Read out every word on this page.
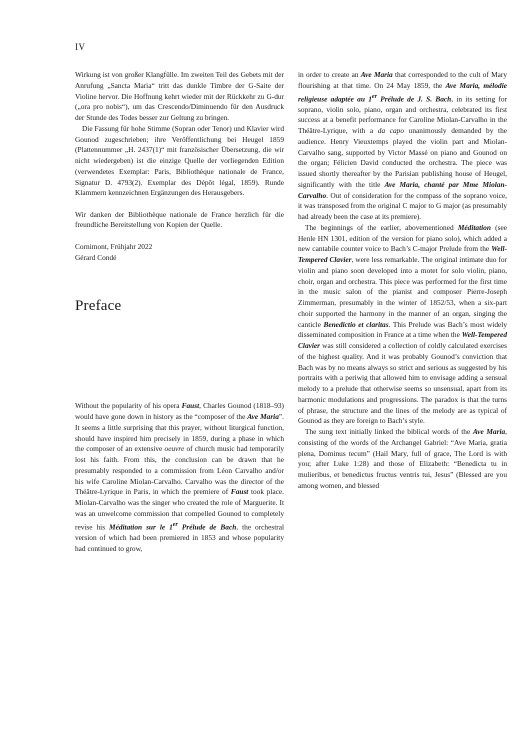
IV

Wirkung ist von großer Klangfülle. Im zweiten Teil des Gebets mit der Anrufung „Sancta Maria“ tritt das dunkle Timbre der G-Saite der Violine hervor. Die Hoffnung kehrt wieder mit der Rückkehr zu G-dur („ora pro nobis“), um das Crescendo/Diminuendo für den Ausdruck der Stunde des Todes besser zur Geltung zu bringen.

Die Fassung für hohe Stimme (Sopran oder Tenor) und Klavier wird Gounod zugeschrieben; ihre Veröffentlichung bei Heugel 1859 (Plattennummer „H. 2437(1)“ mit französischer Übersetzung, die wir nicht wiedergeben) ist die einzige Quelle der vorliegenden Edition (verwendetes Exemplar: Paris, Bibliothèque nationale de France, Signatur D. 4793(2). Exemplar des Dépôt légal, 1859). Runde Klammern kennzeichnen Ergänzungen des Herausgebers.

Wir danken der Bibliothèque nationale de France herzlich für die freundliche Bereitstellung von Kopien der Quelle.

Cornimont, Frühjahr 2022

Gérard Condé

Preface

Without the popularity of his opera Faust, Charles Gounod (1818–93) would have gone down in history as the “composer of the Ave Maria”. It seems a little surprising that this prayer, without liturgical function, should have inspired him precisely in 1859, during a phase in which the composer of an extensive oeuvre of church music had temporarily lost his faith. From this, the conclusion can be drawn that he presumably responded to a commission from Léon Carvalho and/or his wife Caroline Miolan-Carvalho. Carvalho was the director of the Théâtre-Lyrique in Paris, in which the premiere of Faust took place. Miolan-Carvalho was the singer who created the role of Marguerite. It was an unwelcome commission that compelled Gounod to completely revise his Méditation sur le 1er Prélude de Bach, the orchestral version of which had been premiered in 1853 and whose popularity had continued to grow,

in order to create an Ave Maria that corresponded to the cult of Mary flourishing at that time. On 24 May 1859, the Ave Maria, mélodie religieuse adaptée au 1er Prélude de J. S. Bach, in its setting for soprano, violin solo, piano, organ and orchestra, celebrated its first success at a benefit performance for Caroline Miolan-Carvalho in the Théâtre-Lyrique, with a da capo unanimously demanded by the audience. Henry Vieuxtemps played the violin part and Miolan-Carvalho sang, supported by Victor Massé on piano and Gounod on the organ; Félicien David conducted the orchestra. The piece was issued shortly thereafter by the Parisian publishing house of Heugel, significantly with the title Ave Maria, chanté par Mme Miolan-Carvalho. Out of consideration for the compass of the soprano voice, it was transposed from the original C major to G major (as presumably had already been the case at its premiere).

The beginnings of the earlier, abovementioned Méditation (see Henle HN 1301, edition of the version for piano solo), which added a new cantabile counter voice to Bach’s C-major Prelude from the Well-Tempered Clavier, were less remarkable. The original intimate duo for violin and piano soon developed into a motet for solo violin, piano, choir, organ and orchestra. This piece was performed for the first time in the music salon of the pianist and composer Pierre-Joseph Zimmerman, presumably in the winter of 1852/53, when a six-part choir supported the harmony in the manner of an organ, singing the canticle Benedictio et claritas. This Prelude was Bach’s most widely disseminated composition in France at a time when the Well-Tempered Clavier was still considered a collection of coldly calculated exercises of the highest quality. And it was probably Gounod’s conviction that Bach was by no means always so strict and serious as suggested by his portraits with a periwig that allowed him to envisage adding a sensual melody to a prelude that otherwise seems so unsensual, apart from its harmonic modulations and progressions. The paradox is that the turns of phrase, the structure and the lines of the melody are as typical of Gounod as they are foreign to Bach’s style.

The sung text initially linked the biblical words of the Ave Maria, consisting of the words of the Archangel Gabriel: “Ave Maria, gratia plena, Dominus tecum” (Hail Mary, full of grace, The Lord is with you; after Luke 1:28) and those of Elizabeth: “Benedicta tu in mulieribus, et benedictus fructus ventris tui, Jesus” (Blessed are you among women, and blessed
